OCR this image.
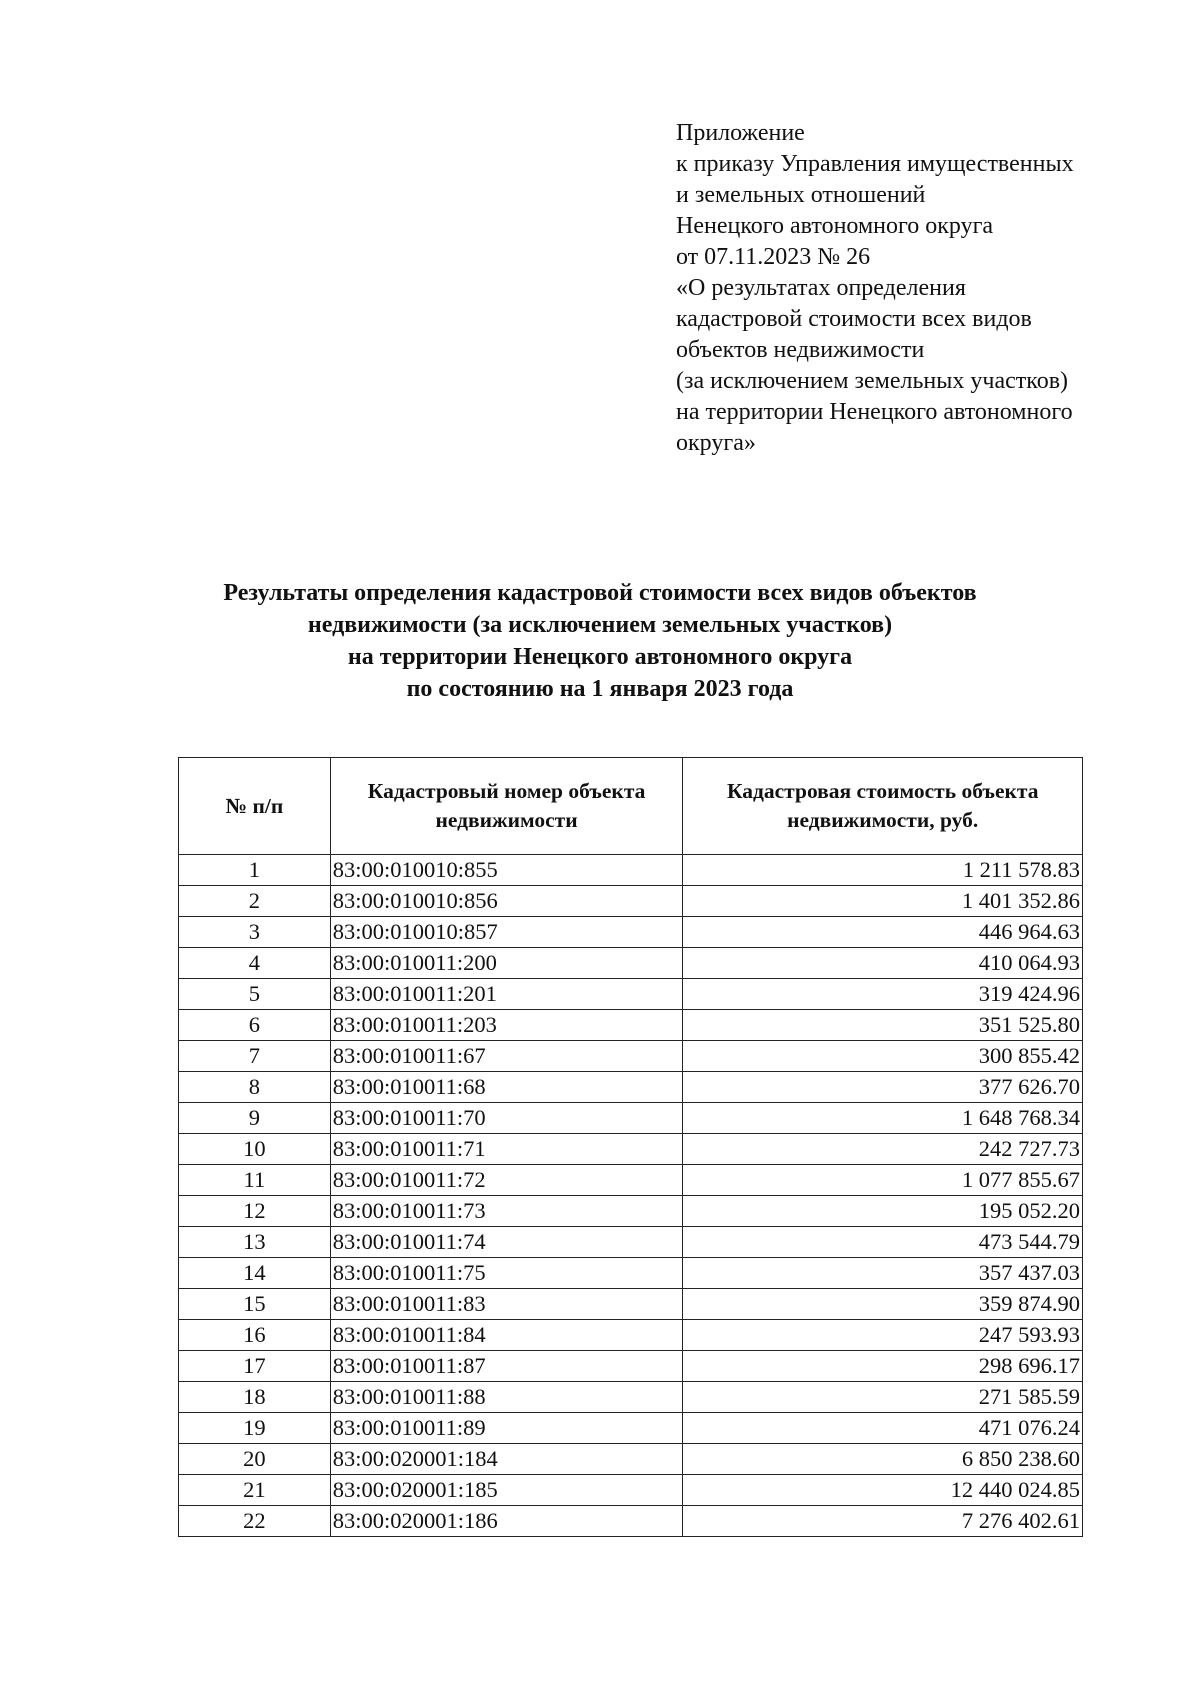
Приложение
к приказу Управления имущественных
и земельных отношений
Ненецкого автономного округа
от 07.11.2023 № 26
«О результатах определения
кадастровой стоимости всех видов
объектов недвижимости
(за исключением земельных участков)
на территории Ненецкого автономного
округа»
Результаты определения кадастровой стоимости всех видов объектов
недвижимости (за исключением земельных участков)
на территории Ненецкого автономного округа
по состоянию на 1 января 2023 года
№ п/п	Кадастровый номер объекта недвижимости	Кадастровая стоимость объекта недвижимости, руб.
1	83:00:010010:855	1 211 578.83
2	83:00:010010:856	1 401 352.86
3	83:00:010010:857	446 964.63
4	83:00:010011:200	410 064.93
5	83:00:010011:201	319 424.96
6	83:00:010011:203	351 525.80
7	83:00:010011:67	300 855.42
8	83:00:010011:68	377 626.70
9	83:00:010011:70	1 648 768.34
10	83:00:010011:71	242 727.73
11	83:00:010011:72	1 077 855.67
12	83:00:010011:73	195 052.20
13	83:00:010011:74	473 544.79
14	83:00:010011:75	357 437.03
15	83:00:010011:83	359 874.90
16	83:00:010011:84	247 593.93
17	83:00:010011:87	298 696.17
18	83:00:010011:88	271 585.59
19	83:00:010011:89	471 076.24
20	83:00:020001:184	6 850 238.60
21	83:00:020001:185	12 440 024.85
22	83:00:020001:186	7 276 402.61
